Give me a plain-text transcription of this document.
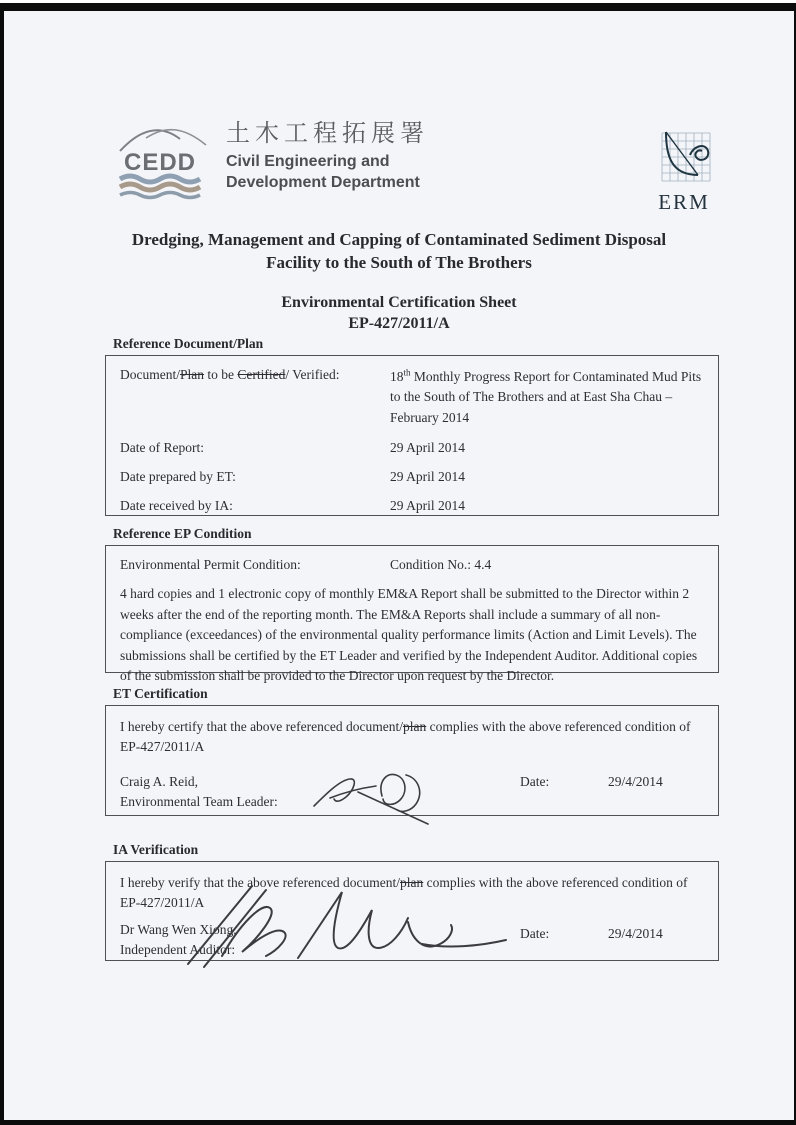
CEDD
土木工程拓展署
Civil Engineering and
Development Department
ERM
Dredging, Management and Capping of Contaminated Sediment Disposal
Facility to the South of The Brothers
Environmental Certification Sheet
EP-427/2011/A
Reference Document/Plan
Document/Plan to be Certified/ Verified:	18th Monthly Progress Report for Contaminated Mud Pits to the South of The Brothers and at East Sha Chau – February 2014
Date of Report:	29 April 2014
Date prepared by ET:	29 April 2014
Date received by IA:	29 April 2014
Reference EP Condition
Environmental Permit Condition:	Condition No.: 4.4
4 hard copies and 1 electronic copy of monthly EM&A Report shall be submitted to the Director within 2 weeks after the end of the reporting month. The EM&A Reports shall include a summary of all non-compliance (exceedances) of the environmental quality performance limits (Action and Limit Levels). The submissions shall be certified by the ET Leader and verified by the Independent Auditor. Additional copies of the submission shall be provided to the Director upon request by the Director.
ET Certification
I hereby certify that the above referenced document/plan complies with the above referenced condition of
EP-427/2011/A
Craig A. Reid,
Environmental Team Leader:
Date:	29/4/2014
IA Verification
I hereby verify that the above referenced document/plan complies with the above referenced condition of
EP-427/2011/A
Dr Wang Wen Xiong,
Independent Auditor:
Date:	29/4/2014
